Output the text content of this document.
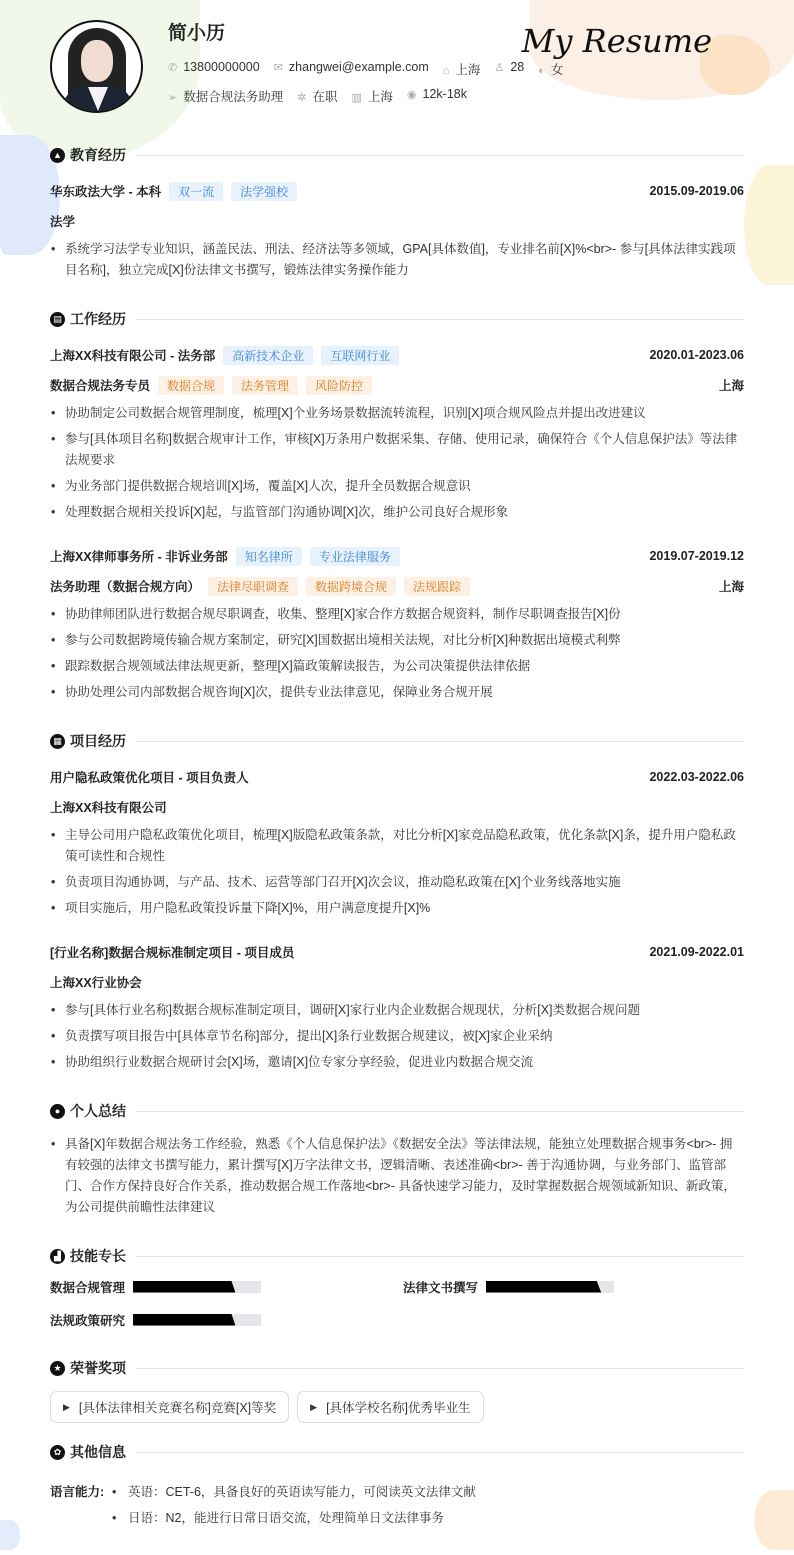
简小历	My Resume
✆ 13800000000 ✉ zhangwei@example.com ⌂ 上海 ♙ 28 ◐ 女
➢ 数据合规法务助理 ✲ 在职 ▥ 上海 ◉ 12k-18k
▲ 教育经历
华东政法大学 - 本科	双一流	法学强校	2015.09-2019.06
法学
• 系统学习法学专业知识，涵盖民法、刑法、经济法等多领域，GPA[具体数值]，专业排名前[X]%<br>- 参与[具体法律实践项目名称]，独立完成[X]份法律文书撰写，锻炼法律实务操作能力
▤ 工作经历
上海XX科技有限公司 - 法务部	高新技术企业	互联网行业	2020.01-2023.06
数据合规法务专员	数据合规	法务管理	风险防控	上海
• 协助制定公司数据合规管理制度，梳理[X]个业务场景数据流转流程，识别[X]项合规风险点并提出改进建议
• 参与[具体项目名称]数据合规审计工作，审核[X]万条用户数据采集、存储、使用记录，确保符合《个人信息保护法》等法律法规要求
• 为业务部门提供数据合规培训[X]场，覆盖[X]人次，提升全员数据合规意识
• 处理数据合规相关投诉[X]起，与监管部门沟通协调[X]次，维护公司良好合规形象
上海XX律师事务所 - 非诉业务部	知名律所	专业法律服务	2019.07-2019.12
法务助理（数据合规方向）	法律尽职调查	数据跨境合规	法规跟踪	上海
• 协助律师团队进行数据合规尽职调查，收集、整理[X]家合作方数据合规资料，制作尽职调查报告[X]份
• 参与公司数据跨境传输合规方案制定，研究[X]国数据出境相关法规，对比分析[X]种数据出境模式利弊
• 跟踪数据合规领域法律法规更新，整理[X]篇政策解读报告，为公司决策提供法律依据
• 协助处理公司内部数据合规咨询[X]次，提供专业法律意见，保障业务合规开展
▦ 项目经历
用户隐私政策优化项目 - 项目负责人	2022.03-2022.06
上海XX科技有限公司
• 主导公司用户隐私政策优化项目，梳理[X]版隐私政策条款，对比分析[X]家竞品隐私政策，优化条款[X]条，提升用户隐私政策可读性和合规性
• 负责项目沟通协调，与产品、技术、运营等部门召开[X]次会议，推动隐私政策在[X]个业务线落地实施
• 项目实施后，用户隐私政策投诉量下降[X]%，用户满意度提升[X]%
[行业名称]数据合规标准制定项目 - 项目成员	2021.09-2022.01
上海XX行业协会
• 参与[具体行业名称]数据合规标准制定项目，调研[X]家行业内企业数据合规现状，分析[X]类数据合规问题
• 负责撰写项目报告中[具体章节名称]部分，提出[X]条行业数据合规建议，被[X]家企业采纳
• 协助组织行业数据合规研讨会[X]场，邀请[X]位专家分享经验，促进业内数据合规交流
● 个人总结
• 具备[X]年数据合规法务工作经验，熟悉《个人信息保护法》《数据安全法》等法律法规，能独立处理数据合规事务<br>- 拥有较强的法律文书撰写能力，累计撰写[X]万字法律文书，逻辑清晰、表述准确<br>- 善于沟通协调，与业务部门、监管部门、合作方保持良好合作关系，推动数据合规工作落地<br>- 具备快速学习能力，及时掌握数据合规领域新知识、新政策，为公司提供前瞻性法律建议
▟ 技能专长
数据合规管理	法律文书撰写
法规政策研究
★ 荣誉奖项
▶ [具体法律相关竞赛名称]竞赛[X]等奖	▶ [具体学校名称]优秀毕业生
✿ 其他信息
语言能力:	• 英语：CET-6，具备良好的英语读写能力，可阅读英文法律文献
• 日语：N2，能进行日常日语交流，处理简单日文法律事务
